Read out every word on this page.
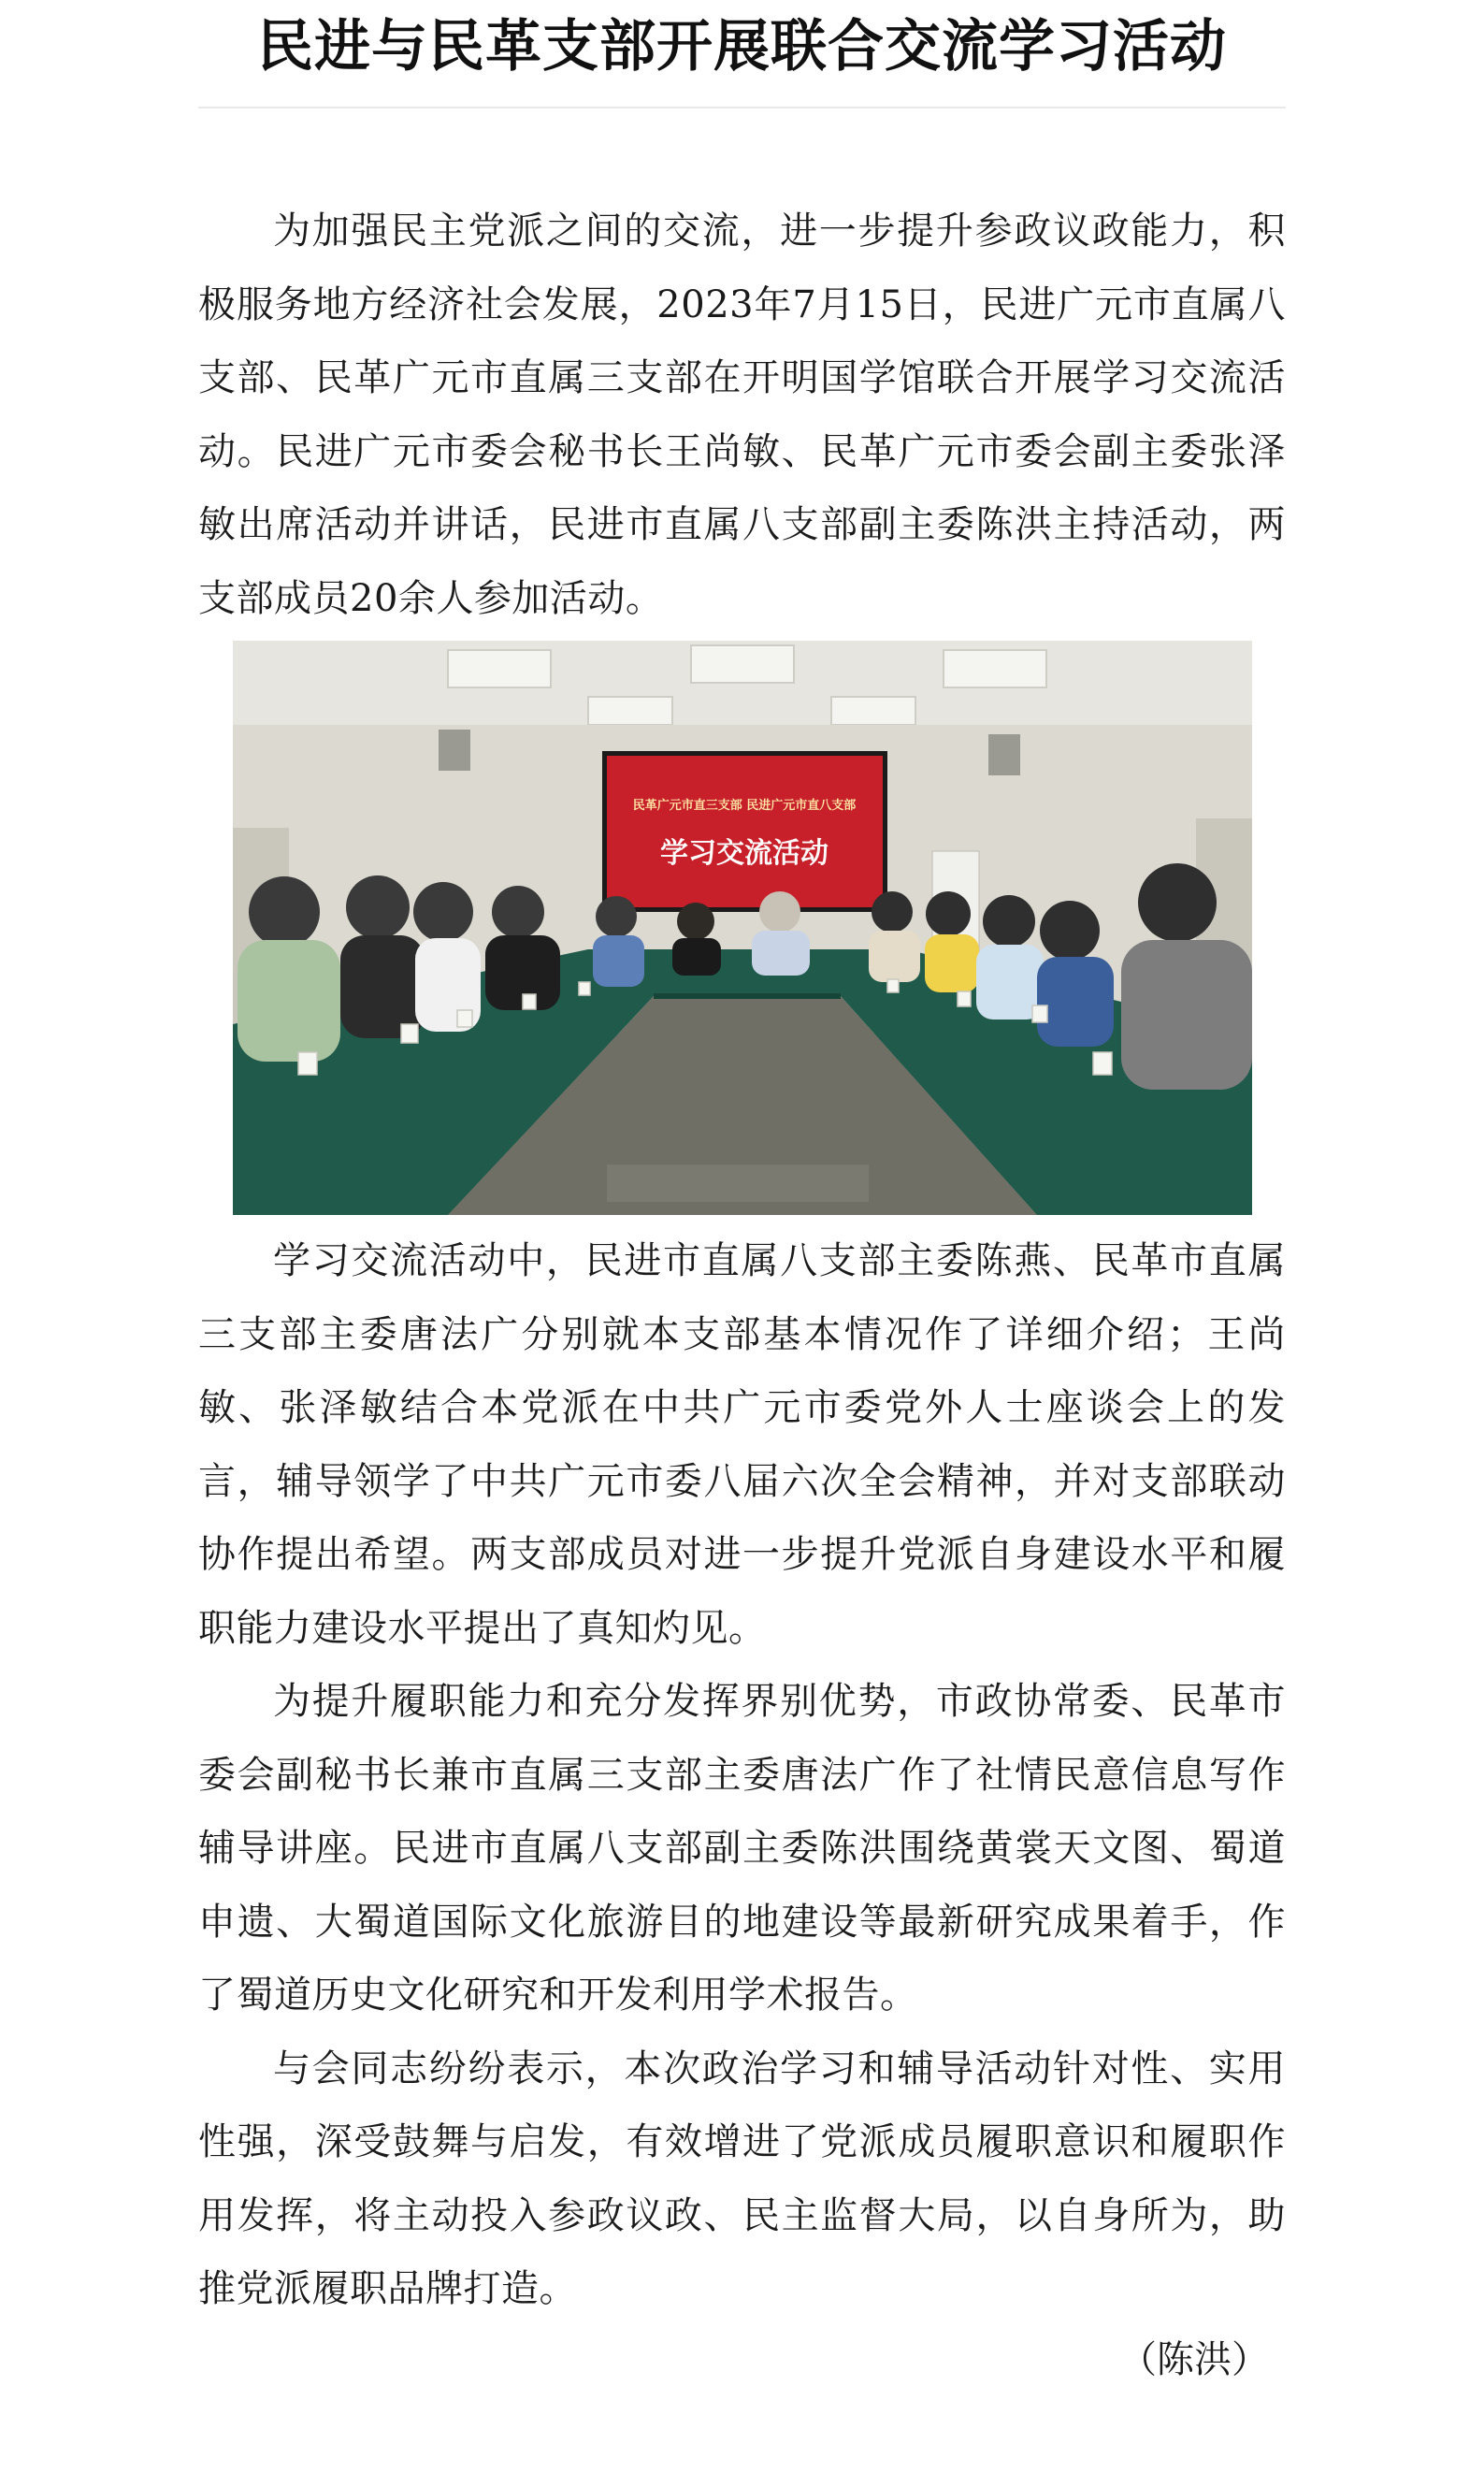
民进与民革支部开展联合交流学习活动

为加强民主党派之间的交流，进一步提升参政议政能力，积极服务地方经济社会发展，2023年7月15日，民进广元市直属八支部、民革广元市直属三支部在开明国学馆联合开展学习交流活动。民进广元市委会秘书长王尚敏、民革广元市委会副主委张泽敏出席活动并讲话，民进市直属八支部副主委陈洪主持活动，两支部成员20余人参加活动。

民革广元市直三支部 民进广元市直八支部
学习交流活动

学习交流活动中，民进市直属八支部主委陈燕、民革市直属三支部主委唐法广分别就本支部基本情况作了详细介绍；王尚敏、张泽敏结合本党派在中共广元市委党外人士座谈会上的发言，辅导领学了中共广元市委八届六次全会精神，并对支部联动协作提出希望。两支部成员对进一步提升党派自身建设水平和履职能力建设水平提出了真知灼见。

为提升履职能力和充分发挥界别优势，市政协常委、民革市委会副秘书长兼市直属三支部主委唐法广作了社情民意信息写作辅导讲座。民进市直属八支部副主委陈洪围绕黄裳天文图、蜀道申遗、大蜀道国际文化旅游目的地建设等最新研究成果着手，作了蜀道历史文化研究和开发利用学术报告。

与会同志纷纷表示，本次政治学习和辅导活动针对性、实用性强，深受鼓舞与启发，有效增进了党派成员履职意识和履职作用发挥，将主动投入参政议政、民主监督大局，以自身所为，助推党派履职品牌打造。

（陈洪）
